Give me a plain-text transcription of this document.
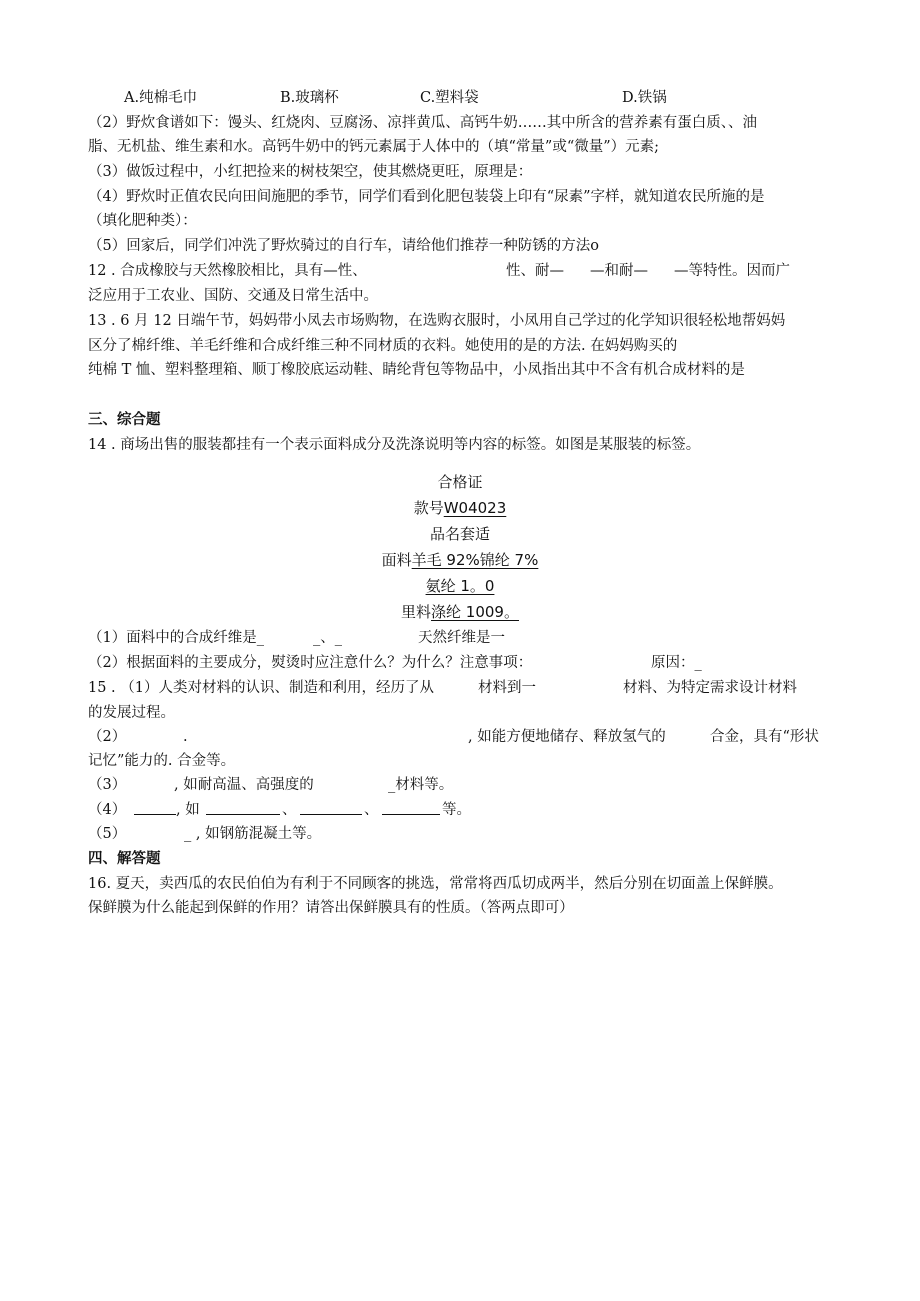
A.纯棉毛巾	B.玻璃杯	C.塑料袋	D.铁锅
（2）野炊食谱如下：馒头、红烧肉、豆腐汤、凉拌黄瓜、高钙牛奶……其中所含的营养素有蛋白质、、油
脂、无机盐、维生素和水。高钙牛奶中的钙元素属于人体中的（填“常量”或“微量”）元素;
（3）做饭过程中，小红把捡来的树枝架空，使其燃烧更旺，原理是：
（4）野炊时正值农民向田间施肥的季节，同学们看到化肥包装袋上印有“尿素”字样，就知道农民所施的是
（填化肥种类）：
（5）回家后，同学们冲洗了野炊骑过的自行车，请给他们推荐一种防锈的方法o
12 . 合成橡胶与天然橡胶相比，具有—性、	性、耐— —和耐— —等特性。因而广
泛应用于工农业、国防、交通及日常生活中。
13 . 6 月 12 日端午节，妈妈带小凤去市场购物，在选购衣服时，小凤用自己学过的化学知识很轻松地帮妈妈
区分了棉纤维、羊毛纤维和合成纤维三种不同材质的衣料。她使用的是的方法. 在妈妈购买的
纯棉 T 恤、塑料整理箱、顺丁橡胶底运动鞋、睛纶背包等物品中，小凤指出其中不含有机合成材料的是
三、综合题
14 . 商场出售的服装都挂有一个表示面料成分及洗涤说明等内容的标签。如图是某服装的标签。
合格证
款号W04023
品名套适
面料羊毛 92%锦纶 7%
氨纶 1。0
里料涤纶 1009。
（1）面料中的合成纤维是_	_、_	天然纤维是一
（2）根据面料的主要成分，熨烫时应注意什么？为什么？注意事项：	原因：_
15 . （1）人类对材料的认识、制造和利用，经历了从	材料到一	材料、为特定需求设计材料
的发展过程。
（2）	.	, 如能方便地储存、释放氢气的	合金，具有“形状
记忆”能力的. 合金等。
（3）	, 如耐高温、高强度的	_材料等。
（4）	, 如	、	、	等。
（5）	_ , 如钢筋混凝土等。
四、解答题
16. 夏天，卖西瓜的农民伯伯为有利于不同顾客的挑选，常常将西瓜切成两半，然后分别在切面盖上保鲜膜。
保鲜膜为什么能起到保鲜的作用？请答出保鲜膜具有的性质。（答两点即可）
